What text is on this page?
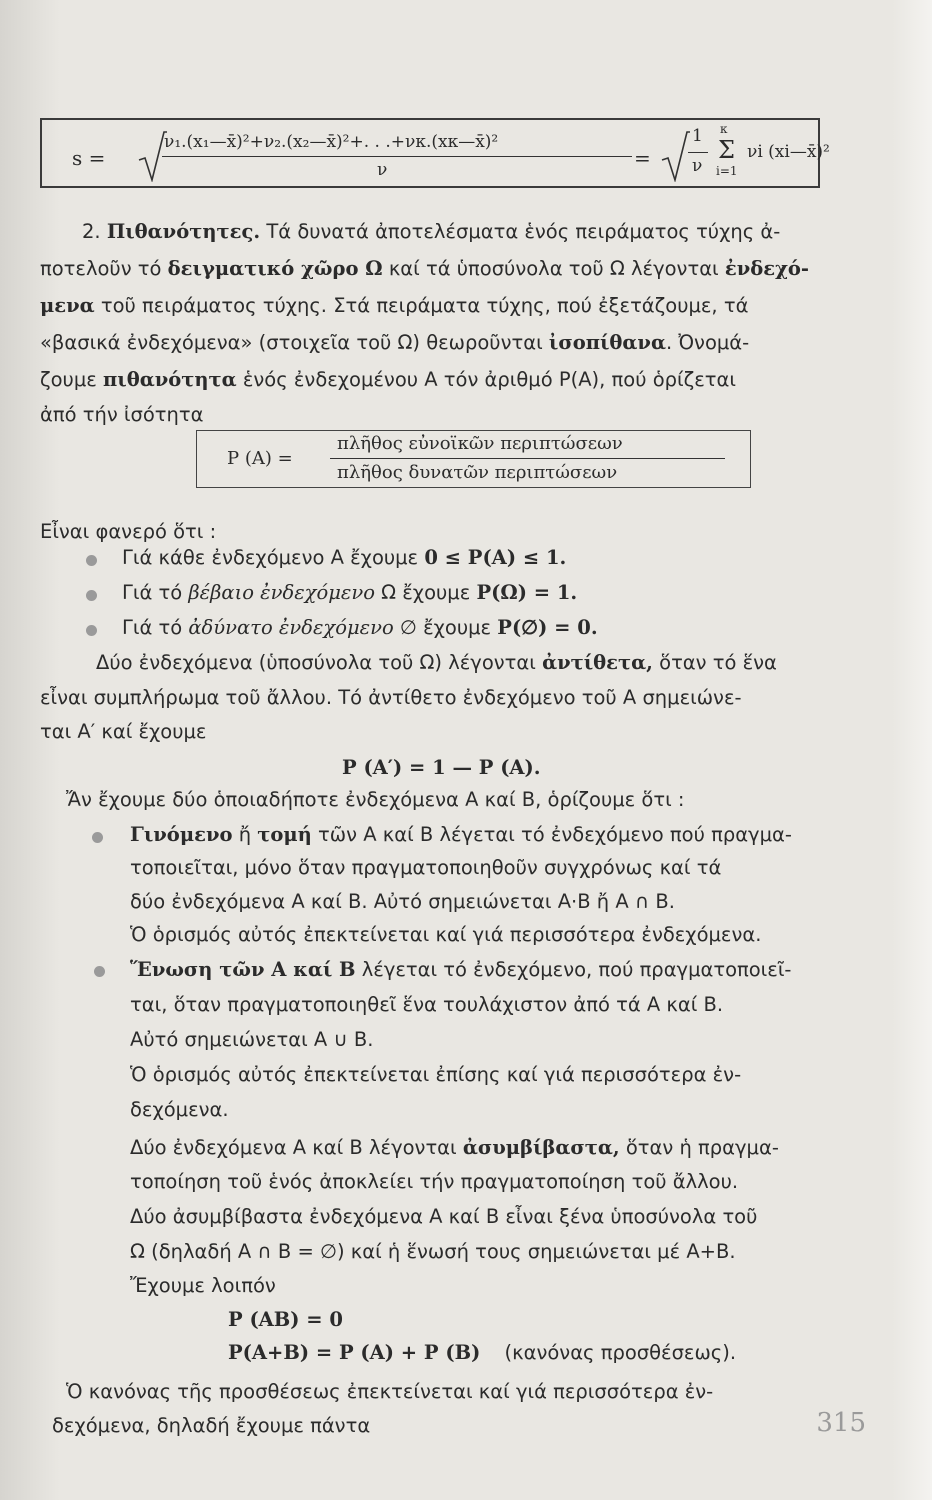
s =
ν₁.(x₁—x̄)²+ν₂.(x₂—x̄)²+. . .+νκ.(xκ—x̄)²
ν	=
1
ν
κ
Σ
i=1
νi (xi—x̄)²
2. Πιθανότητες. Τά δυνατά ἀποτελέσματα ἑνός πειράματος τύχης ἀ-
ποτελοῦν τό δειγματικό χῶρο Ω καί τά ὑποσύνολα τοῦ Ω λέγονται ἐνδεχό-
μενα τοῦ πειράματος τύχης. Στά πειράματα τύχης, πού ἐξετάζουμε, τά
«βασικά ἐνδεχόμενα» (στοιχεῖα τοῦ Ω) θεωροῦνται ἰσοπίθανα. Ὀνομά-
ζουμε πιθανότητα ἑνός ἐνδεχομένου Α τόν ἀριθμό Ρ(Α), πού ὁρίζεται
ἀπό τήν ἰσότητα
P (A) =
πλῆθος εὐνοϊκῶν περιπτώσεων
πλῆθος δυνατῶν περιπτώσεων
Εἶναι φανερό ὅτι :
Γιά κάθε ἐνδεχόμενο Α ἔχουμε 0 ≤ P(A) ≤ 1.
Γιά τό βέβαιο ἐνδεχόμενο Ω ἔχουμε P(Ω) = 1.
Γιά τό ἀδύνατο ἐνδεχόμενο ∅ ἔχουμε P(∅) = 0.
Δύο ἐνδεχόμενα (ὑποσύνολα τοῦ Ω) λέγονται ἀντίθετα, ὅταν τό ἕνα
εἶναι συμπλήρωμα τοῦ ἄλλου. Τό ἀντίθετο ἐνδεχόμενο τοῦ Α σημειώνε-
ται Α′ καί ἔχουμε
P (A′) = 1 — P (A).
Ἄν ἔχουμε δύο ὁποιαδήποτε ἐνδεχόμενα Α καί Β, ὁρίζουμε ὅτι :
Γινόμενο ἤ τομή τῶν Α καί Β λέγεται τό ἐνδεχόμενο πού πραγμα-
τοποιεῖται, μόνο ὅταν πραγματοποιηθοῦν συγχρόνως καί τά
δύο ἐνδεχόμενα Α καί Β. Αὐτό σημειώνεται Α·Β ἤ Α ∩ Β.
Ὁ ὁρισμός αὐτός ἐπεκτείνεται καί γιά περισσότερα ἐνδεχόμενα.
Ἕνωση τῶν Α καί Β λέγεται τό ἐνδεχόμενο, πού πραγματοποιεῖ-
ται, ὅταν πραγματοποιηθεῖ ἕνα τουλάχιστον ἀπό τά Α καί Β.
Αὐτό σημειώνεται Α ∪ Β.
Ὁ ὁρισμός αὐτός ἐπεκτείνεται ἐπίσης καί γιά περισσότερα ἐν-
δεχόμενα.
Δύο ἐνδεχόμενα Α καί Β λέγονται ἀσυμβίβαστα, ὅταν ἡ πραγμα-
τοποίηση τοῦ ἑνός ἀποκλείει τήν πραγματοποίηση τοῦ ἄλλου.
Δύο ἀσυμβίβαστα ἐνδεχόμενα Α καί Β εἶναι ξένα ὑποσύνολα τοῦ
Ω (δηλαδή Α ∩ Β = ∅) καί ἡ ἕνωσή τους σημειώνεται μέ Α+Β.
Ἔχουμε λοιπόν
P (AB) = 0
P(A+B) = P (A) + P (B) (κανόνας προσθέσεως).
Ὁ κανόνας τῆς προσθέσεως ἐπεκτείνεται καί γιά περισσότερα ἐν-
δεχόμενα, δηλαδή ἔχουμε πάντα	315
